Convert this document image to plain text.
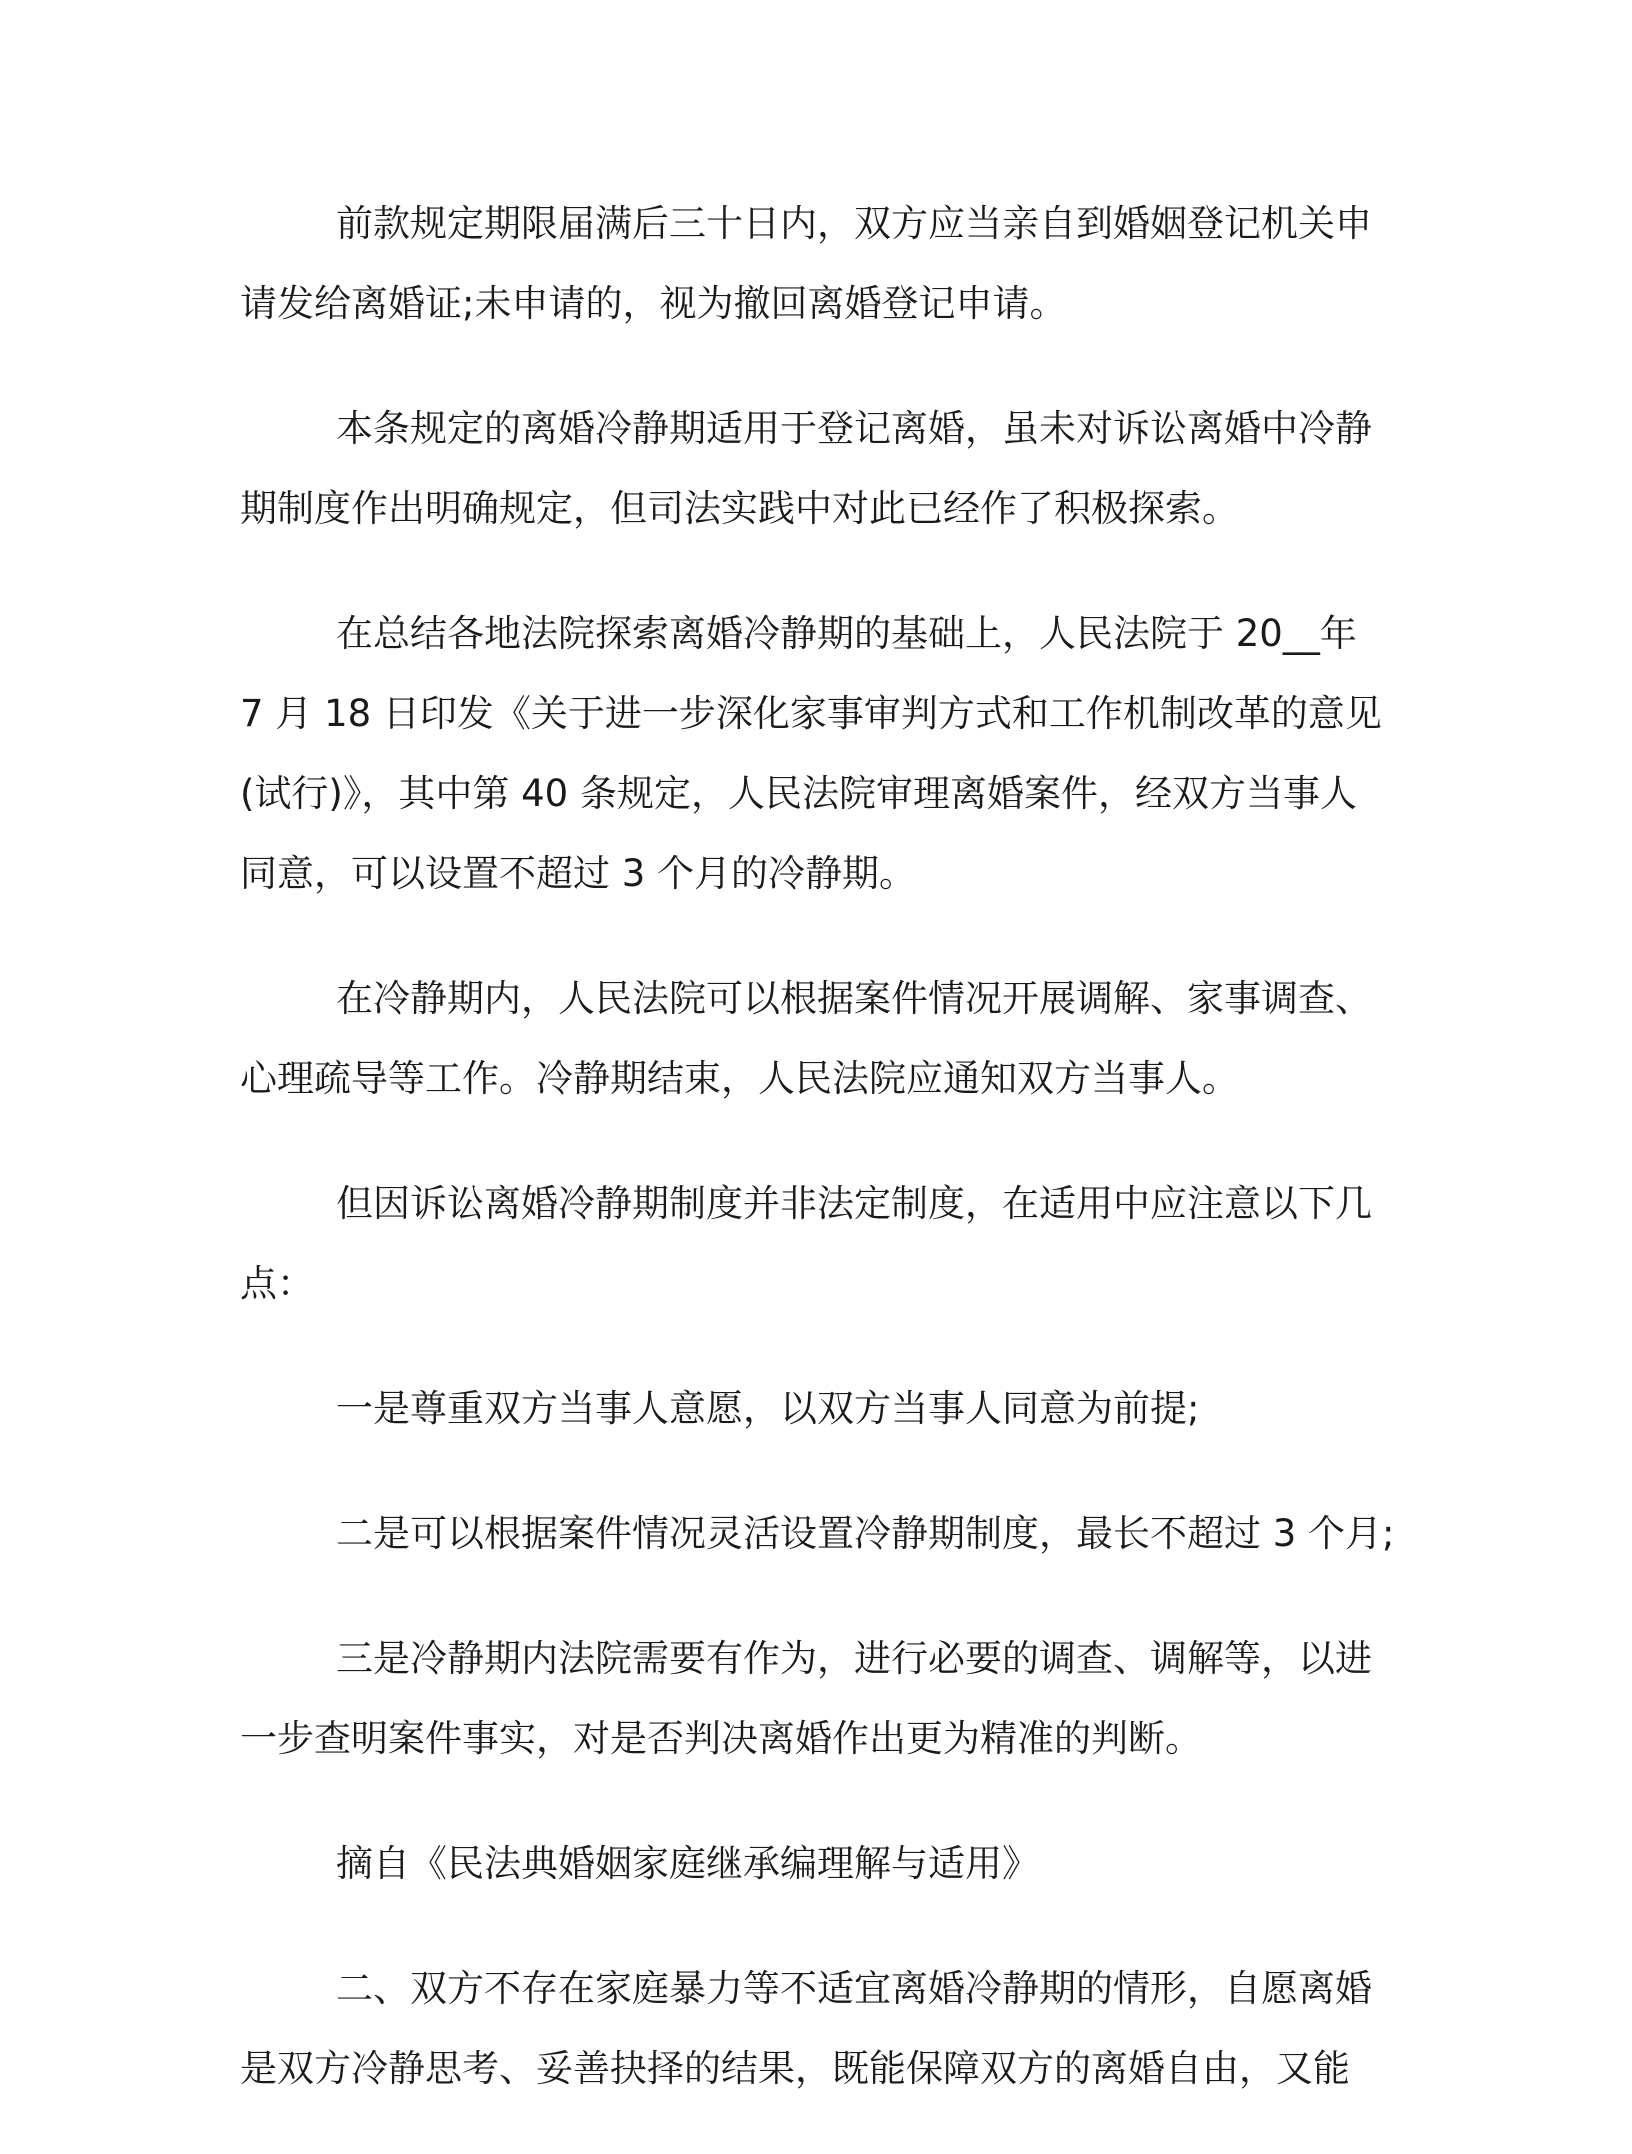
前款规定期限届满后三十日内，双方应当亲自到婚姻登记机关申
请发给离婚证;未申请的，视为撤回离婚登记申请。

本条规定的离婚冷静期适用于登记离婚，虽未对诉讼离婚中冷静
期制度作出明确规定，但司法实践中对此已经作了积极探索。

在总结各地法院探索离婚冷静期的基础上，人民法院于 20__年
7 月 18 日印发《关于进一步深化家事审判方式和工作机制改革的意见
(试行)》，其中第 40 条规定，人民法院审理离婚案件，经双方当事人
同意，可以设置不超过 3 个月的冷静期。

在冷静期内，人民法院可以根据案件情况开展调解、家事调查、
心理疏导等工作。冷静期结束，人民法院应通知双方当事人。

但因诉讼离婚冷静期制度并非法定制度，在适用中应注意以下几
点：

一是尊重双方当事人意愿，以双方当事人同意为前提;

二是可以根据案件情况灵活设置冷静期制度，最长不超过 3 个月;

三是冷静期内法院需要有作为，进行必要的调查、调解等，以进
一步查明案件事实，对是否判决离婚作出更为精准的判断。

摘自《民法典婚姻家庭继承编理解与适用》

二、双方不存在家庭暴力等不适宜离婚冷静期的情形，自愿离婚
是双方冷静思考、妥善抉择的结果，既能保障双方的离婚自由，又能
